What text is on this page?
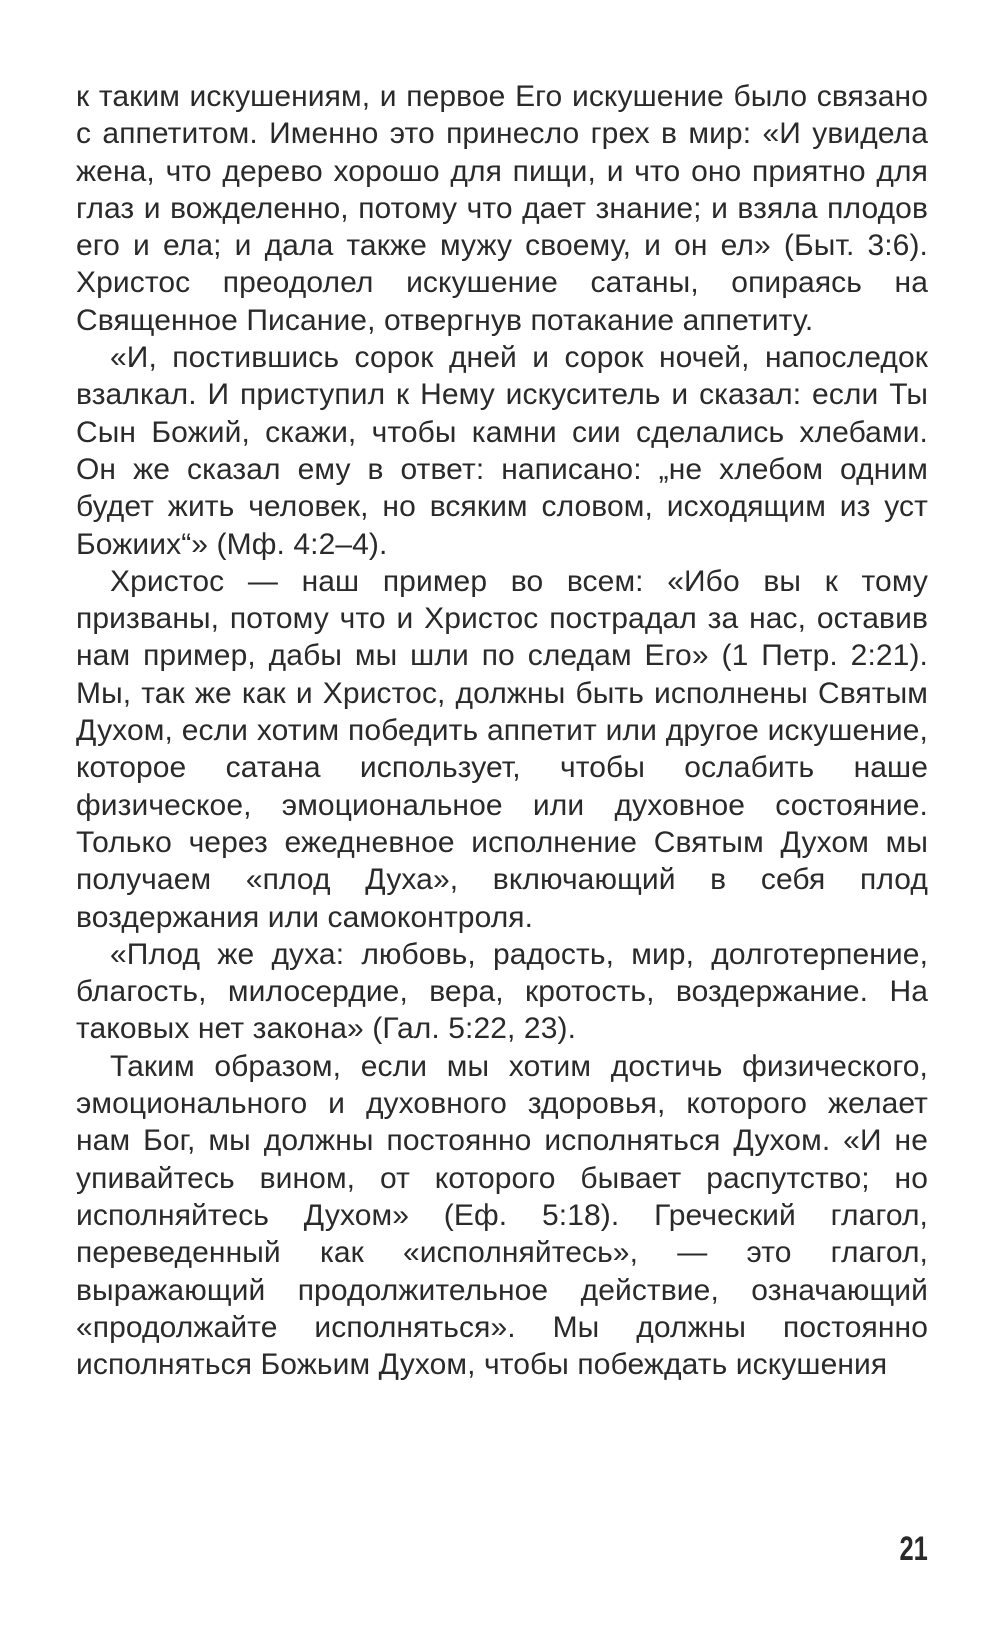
к таким искушениям, и первое Его искушение было связано с аппетитом. Именно это принесло грех в мир: «И увидела жена, что дерево хорошо для пищи, и что оно приятно для глаз и вожделенно, потому что дает знание; и взяла плодов его и ела; и дала также мужу своему, и он ел» (Быт. 3:6). Христос преодолел искушение сатаны, опираясь на Священное Писание, отвергнув потакание аппетиту.

«И, постившись сорок дней и сорок ночей, напоследок взалкал. И приступил к Нему искуситель и сказал: если Ты Сын Божий, скажи, чтобы камни сии сделались хлебами. Он же сказал ему в ответ: написано: „не хлебом одним будет жить человек, но всяким словом, исходящим из уст Божиих“» (Мф. 4:2–4).

Христос — наш пример во всем: «Ибо вы к тому призваны, потому что и Христос пострадал за нас, оставив нам пример, дабы мы шли по следам Его» (1 Петр. 2:21). Мы, так же как и Христос, должны быть исполнены Святым Духом, если хотим победить аппетит или другое искушение, которое сатана использует, чтобы ослабить наше физическое, эмоциональное или духовное состояние. Только через ежедневное исполнение Святым Духом мы получаем «плод Духа», включающий в себя плод воздержания или самоконтроля.

«Плод же духа: любовь, радость, мир, долготерпение, благость, милосердие, вера, кротость, воздержание. На таковых нет закона» (Гал. 5:22, 23).

Таким образом, если мы хотим достичь физического, эмоционального и духовного здоровья, которого желает нам Бог, мы должны постоянно исполняться Духом. «И не упивайтесь вином, от которого бывает распутство; но исполняйтесь Духом» (Еф. 5:18). Греческий глагол, переведенный как «исполняйтесь», — это глагол, выражающий продолжительное действие, означающий «продолжайте исполняться». Мы должны постоянно исполняться Божьим Духом, чтобы побеждать искушения

21
